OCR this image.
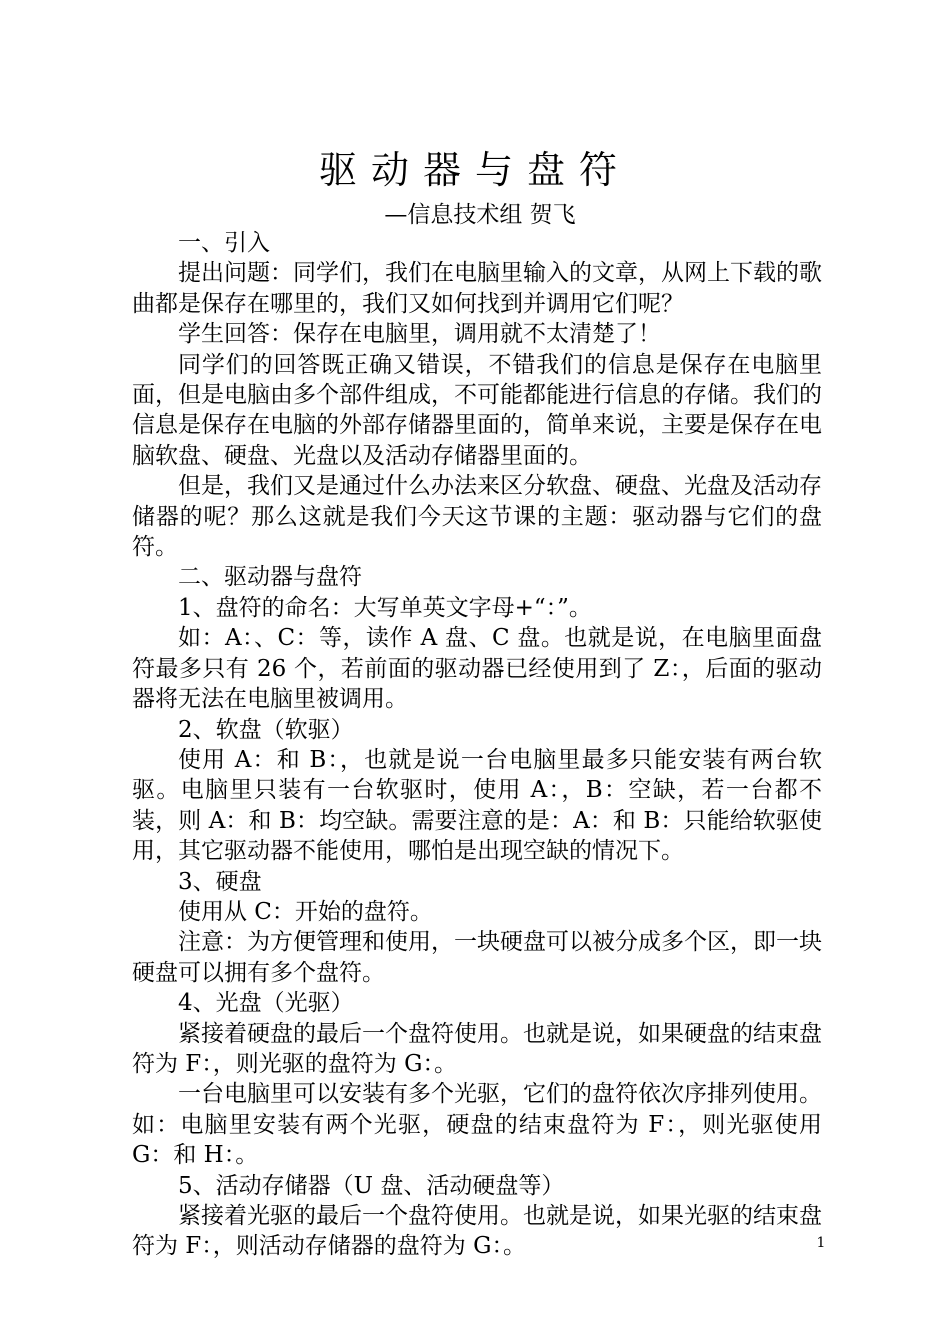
驱动器与盘符
—信息技术组 贺飞

一、引入

提出问题：同学们，我们在电脑里输入的文章，从网上下载的歌曲都是保存在哪里的，我们又如何找到并调用它们呢？

学生回答：保存在电脑里，调用就不太清楚了！

同学们的回答既正确又错误，不错我们的信息是保存在电脑里面，但是电脑由多个部件组成，不可能都能进行信息的存储。我们的信息是保存在电脑的外部存储器里面的，简单来说，主要是保存在电脑软盘、硬盘、光盘以及活动存储器里面的。

但是，我们又是通过什么办法来区分软盘、硬盘、光盘及活动存储器的呢？那么这就是我们今天这节课的主题：驱动器与它们的盘符。

二、驱动器与盘符

1、盘符的命名：大写单英文字母+“：”。

如：A：、C：等，读作 A 盘、C 盘。也就是说，在电脑里面盘符最多只有 26 个，若前面的驱动器已经使用到了 Z：，后面的驱动器将无法在电脑里被调用。

2、软盘（软驱）

使用 A：和 B：，也就是说一台电脑里最多只能安装有两台软驱。电脑里只装有一台软驱时，使用 A：，B：空缺，若一台都不装，则 A：和 B：均空缺。需要注意的是：A：和 B：只能给软驱使用，其它驱动器不能使用，哪怕是出现空缺的情况下。

3、硬盘

使用从 C：开始的盘符。

注意：为方便管理和使用，一块硬盘可以被分成多个区，即一块硬盘可以拥有多个盘符。

4、光盘（光驱）

紧接着硬盘的最后一个盘符使用。也就是说，如果硬盘的结束盘符为 F：，则光驱的盘符为 G：。

一台电脑里可以安装有多个光驱，它们的盘符依次序排列使用。如：电脑里安装有两个光驱，硬盘的结束盘符为 F：，则光驱使用 G：和 H：。

5、活动存储器（U 盘、活动硬盘等）

紧接着光驱的最后一个盘符使用。也就是说，如果光驱的结束盘符为 F：，则活动存储器的盘符为 G：。	1
